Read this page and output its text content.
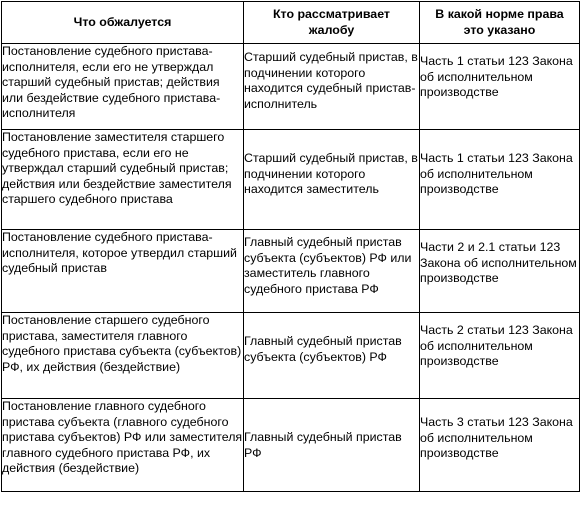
Что обжалуется	Кто рассматривает жалобу	В какой норме права это указано

Постановление судебного пристава-исполнителя, если его не утверждал старший судебный пристав; действия или бездействие судебного пристава-исполнителя	Старший судебный пристав, в подчинении которого находится судебный пристав-исполнитель	Часть 1 статьи 123 Закона об исполнительном производстве

Постановление заместителя старшего судебного пристава, если его не утверждал старший судебный пристав; действия или бездействие заместителя старшего судебного пристава	Старший судебный пристав, в подчинении которого находится заместитель	Часть 1 статьи 123 Закона об исполнительном производстве

Постановление судебного пристава-исполнителя, которое утвердил старший судебный пристав	Главный судебный пристав субъекта (субъектов) РФ или заместитель главного судебного пристава РФ	Части 2 и 2.1 статьи 123 Закона об исполнительном производстве

Постановление старшего судебного пристава, заместителя главного судебного пристава субъекта (субъектов) РФ, их действия (бездействие)	Главный судебный пристав субъекта (субъектов) РФ	Часть 2 статьи 123 Закона об исполнительном производстве

Постановление главного судебного пристава субъекта (главного судебного пристава субъектов) РФ или заместителя главного судебного пристава РФ, их действия (бездействие)	Главный судебный пристав РФ	Часть 3 статьи 123 Закона об исполнительном производстве
